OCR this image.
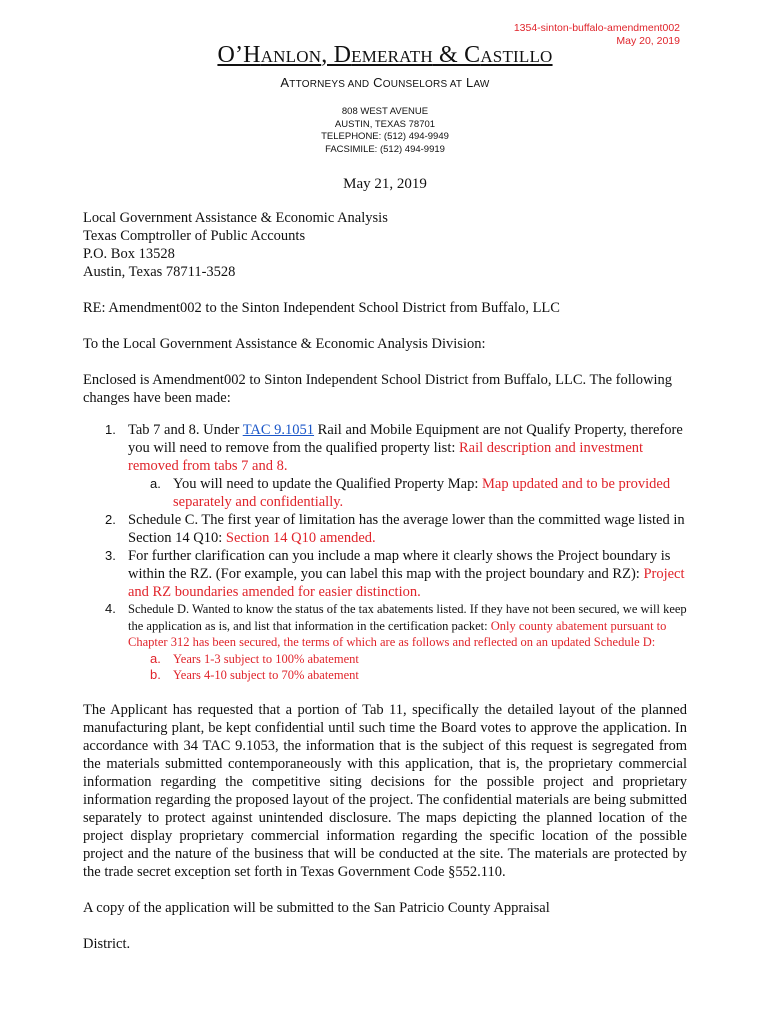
1354-sinton-buffalo-amendment002
May 20, 2019
O’HANLON, DEMERATH & CASTILLO
ATTORNEYS AND COUNSELORS AT LAW
808 WEST AVENUE
AUSTIN, TEXAS 78701
TELEPHONE: (512) 494-9949
FACSIMILE: (512) 494-9919
May 21, 2019
Local Government Assistance & Economic Analysis
Texas Comptroller of Public Accounts
P.O. Box 13528
Austin, Texas 78711-3528
RE: Amendment002 to the Sinton Independent School District from Buffalo, LLC
To the Local Government Assistance & Economic Analysis Division:
Enclosed is Amendment002 to Sinton Independent School District from Buffalo, LLC. The following changes have been made:
1. Tab 7 and 8. Under TAC 9.1051 Rail and Mobile Equipment are not Qualify Property, therefore you will need to remove from the qualified property list: Rail description and investment removed from tabs 7 and 8.
a. You will need to update the Qualified Property Map: Map updated and to be provided separately and confidentially.
2. Schedule C. The first year of limitation has the average lower than the committed wage listed in Section 14 Q10: Section 14 Q10 amended.
3. For further clarification can you include a map where it clearly shows the Project boundary is within the RZ. (For example, you can label this map with the project boundary and RZ): Project and RZ boundaries amended for easier distinction.
4. Schedule D. Wanted to know the status of the tax abatements listed. If they have not been secured, we will keep the application as is, and list that information in the certification packet: Only county abatement pursuant to Chapter 312 has been secured, the terms of which are as follows and reflected on an updated Schedule D:
a. Years 1-3 subject to 100% abatement
b. Years 4-10 subject to 70% abatement
The Applicant has requested that a portion of Tab 11, specifically the detailed layout of the planned manufacturing plant, be kept confidential until such time the Board votes to approve the application. In accordance with 34 TAC 9.1053, the information that is the subject of this request is segregated from the materials submitted contemporaneously with this application, that is, the proprietary commercial information regarding the competitive siting decisions for the possible project and proprietary information regarding the proposed layout of the project. The confidential materials are being submitted separately to protect against unintended disclosure. The maps depicting the planned location of the project display proprietary commercial information regarding the specific location of the possible project and the nature of the business that will be conducted at the site. The materials are protected by the trade secret exception set forth in Texas Government Code §552.110.
A copy of the application will be submitted to the San Patricio County Appraisal
District.
